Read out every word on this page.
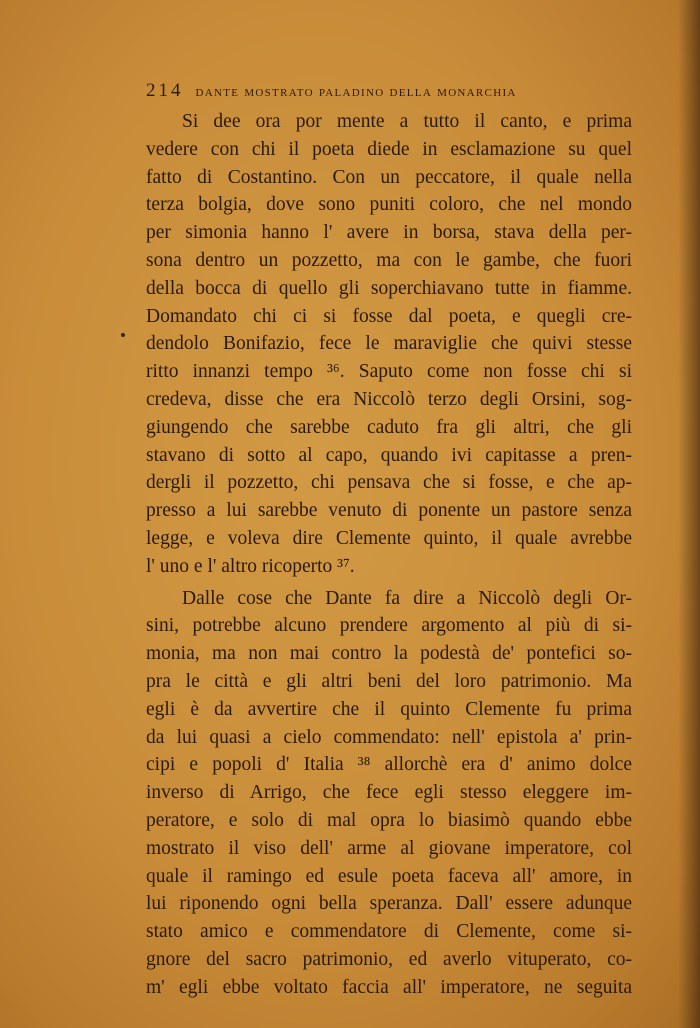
214 dante mostrato paladino della monarchia
Si dee ora por mente a tutto il canto, e prima
vedere con chi il poeta diede in esclamazione su quel
fatto di Costantino. Con un peccatore, il quale nella
terza bolgia, dove sono puniti coloro, che nel mondo
per simonia hanno l' avere in borsa, stava della per-
sona dentro un pozzetto, ma con le gambe, che fuori
della bocca di quello gli soperchiavano tutte in fiamme.
Domandato chi ci si fosse dal poeta, e quegli cre-
dendolo Bonifazio, fece le maraviglie che quivi stesse
ritto innanzi tempo ³⁶. Saputo come non fosse chi si
credeva, disse che era Niccolò terzo degli Orsini, sog-
giungendo che sarebbe caduto fra gli altri, che gli
stavano di sotto al capo, quando ivi capitasse a pren-
dergli il pozzetto, chi pensava che si fosse, e che ap-
presso a lui sarebbe venuto di ponente un pastore senza
legge, e voleva dire Clemente quinto, il quale avrebbe
l' uno e l' altro ricoperto ³⁷.
Dalle cose che Dante fa dire a Niccolò degli Or-
sini, potrebbe alcuno prendere argomento al più di si-
monia, ma non mai contro la podestà de' pontefici so-
pra le città e gli altri beni del loro patrimonio. Ma
egli è da avvertire che il quinto Clemente fu prima
da lui quasi a cielo commendato: nell' epistola a' prin-
cipi e popoli d' Italia ³⁸ allorchè era d' animo dolce
inverso di Arrigo, che fece egli stesso eleggere im-
peratore, e solo di mal opra lo biasimò quando ebbe
mostrato il viso dell' arme al giovane imperatore, col
quale il ramingo ed esule poeta faceva all' amore, in
lui riponendo ogni bella speranza. Dall' essere adunque
stato amico e commendatore di Clemente, come si-
gnore del sacro patrimonio, ed averlo vituperato, co-
m' egli ebbe voltato faccia all' imperatore, ne seguita
